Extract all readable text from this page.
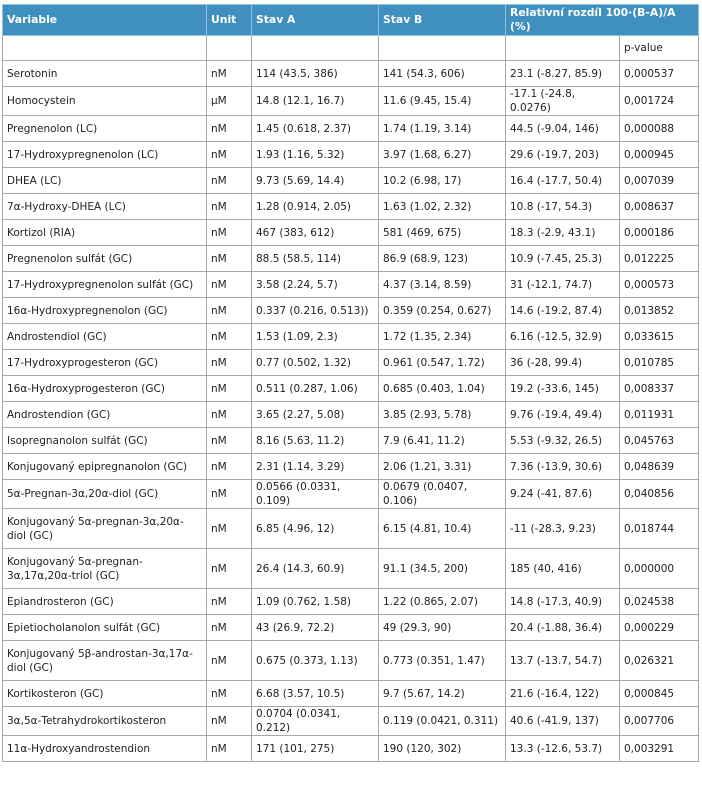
Variable	Unit	Stav A	Stav B	Relativní rozdíl 100·(B-A)/A (%)	
					p-value
Serotonin	nM	114 (43.5, 386)	141 (54.3, 606)	23.1 (-8.27, 85.9)	0,000537
Homocystein	µM	14.8 (12.1, 16.7)	11.6 (9.45, 15.4)	-17.1 (-24.8, 0.0276)	0,001724
Pregnenolon (LC)	nM	1.45 (0.618, 2.37)	1.74 (1.19, 3.14)	44.5 (-9.04, 146)	0,000088
17-Hydroxypregnenolon (LC)	nM	1.93 (1.16, 5.32)	3.97 (1.68, 6.27)	29.6 (-19.7, 203)	0,000945
DHEA (LC)	nM	9.73 (5.69, 14.4)	10.2 (6.98, 17)	16.4 (-17.7, 50.4)	0,007039
7α-Hydroxy-DHEA (LC)	nM	1.28 (0.914, 2.05)	1.63 (1.02, 2.32)	10.8 (-17, 54.3)	0,008637
Kortizol (RIA)	nM	467 (383, 612)	581 (469, 675)	18.3 (-2.9, 43.1)	0,000186
Pregnenolon sulfát (GC)	nM	88.5 (58.5, 114)	86.9 (68.9, 123)	10.9 (-7.45, 25.3)	0,012225
17-Hydroxypregnenolon sulfát (GC)	nM	3.58 (2.24, 5.7)	4.37 (3.14, 8.59)	31 (-12.1, 74.7)	0,000573
16α-Hydroxypregnenolon (GC)	nM	0.337 (0.216, 0.513))	0.359 (0.254, 0.627)	14.6 (-19.2, 87.4)	0,013852
Androstendiol (GC)	nM	1.53 (1.09, 2.3)	1.72 (1.35, 2.34)	6.16 (-12.5, 32.9)	0,033615
17-Hydroxyprogesteron (GC)	nM	0.77 (0.502, 1.32)	0.961 (0.547, 1.72)	36 (-28, 99.4)	0,010785
16α-Hydroxyprogesteron (GC)	nM	0.511 (0.287, 1.06)	0.685 (0.403, 1.04)	19.2 (-33.6, 145)	0,008337
Androstendion (GC)	nM	3.65 (2.27, 5.08)	3.85 (2.93, 5.78)	9.76 (-19.4, 49.4)	0,011931
Isopregnanolon sulfát (GC)	nM	8.16 (5.63, 11.2)	7.9 (6.41, 11.2)	5.53 (-9.32, 26.5)	0,045763
Konjugovaný epipregnanolon (GC)	nM	2.31 (1.14, 3.29)	2.06 (1.21, 3.31)	7.36 (-13.9, 30.6)	0,048639
5α-Pregnan-3α,20α-diol (GC)	nM	0.0566 (0.0331, 0.109)	0.0679 (0.0407, 0.106)	9.24 (-41, 87.6)	0,040856
Konjugovaný 5α-pregnan-3α,20α-diol (GC)	nM	6.85 (4.96, 12)	6.15 (4.81, 10.4)	-11 (-28.3, 9.23)	0,018744
Konjugovaný 5α-pregnan-3α,17α,20α-triol (GC)	nM	26.4 (14.3, 60.9)	91.1 (34.5, 200)	185 (40, 416)	0,000000
Epiandrosteron (GC)	nM	1.09 (0.762, 1.58)	1.22 (0.865, 2.07)	14.8 (-17.3, 40.9)	0,024538
Epietiocholanolon sulfát (GC)	nM	43 (26.9, 72.2)	49 (29.3, 90)	20.4 (-1.88, 36.4)	0,000229
Konjugovaný 5β-androstan-3α,17α-diol (GC)	nM	0.675 (0.373, 1.13)	0.773 (0.351, 1.47)	13.7 (-13.7, 54.7)	0,026321
Kortikosteron (GC)	nM	6.68 (3.57, 10.5)	9.7 (5.67, 14.2)	21.6 (-16.4, 122)	0,000845
3α,5α-Tetrahydrokortikosteron	nM	0.0704 (0.0341, 0.212)	0.119 (0.0421, 0.311)	40.6 (-41.9, 137)	0,007706
11α-Hydroxyandrostendion	nM	171 (101, 275)	190 (120, 302)	13.3 (-12.6, 53.7)	0,003291
